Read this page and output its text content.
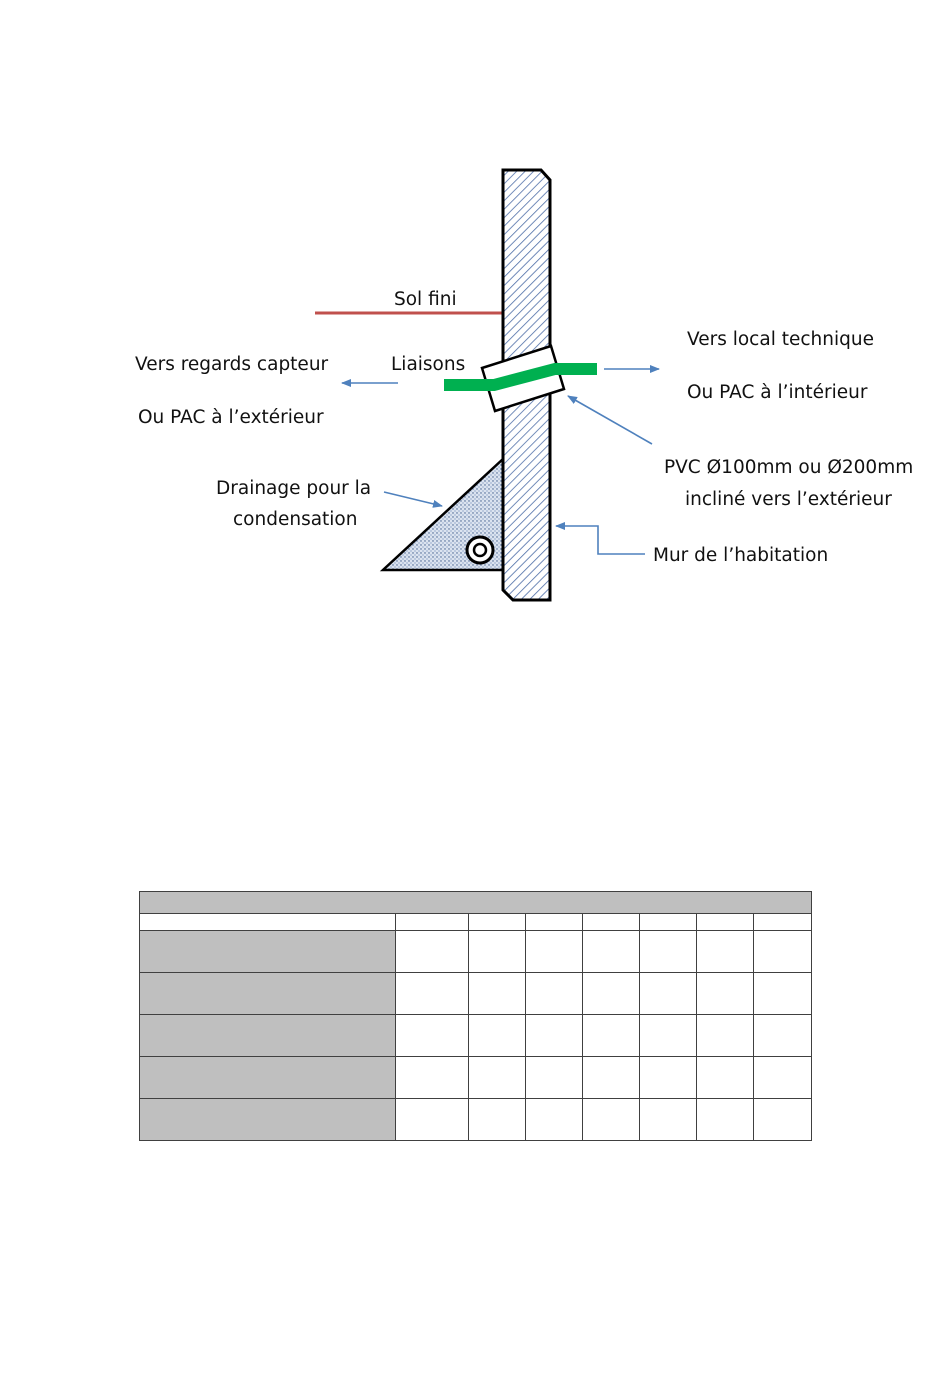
Sol fini
Liaisons
Vers regards capteur
Ou PAC à l’extérieur
Vers local technique
Ou PAC à l’intérieur
PVC Ø100mm ou Ø200mm
incliné vers l’extérieur
Drainage pour la
condensation
Mur de l’habitation
